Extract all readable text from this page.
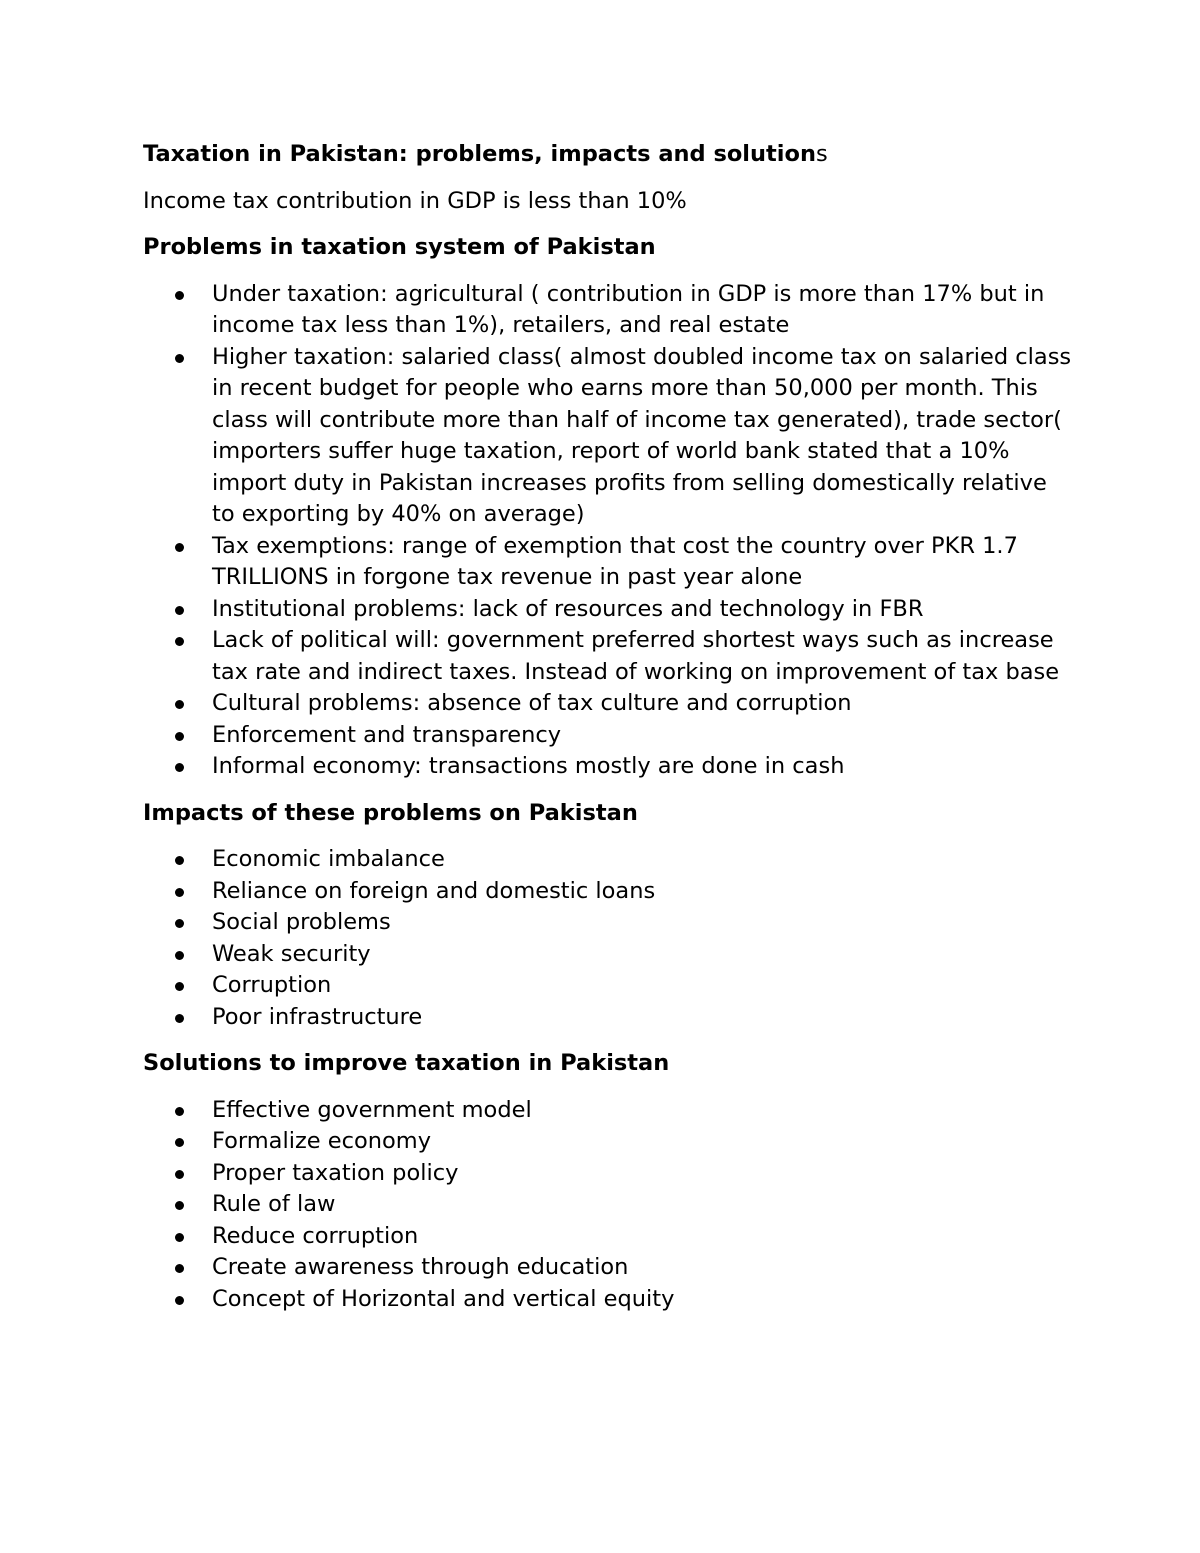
Taxation in Pakistan: problems, impacts and solutions
Income tax contribution in GDP is less than 10%
Problems in taxation system of Pakistan
Under taxation: agricultural ( contribution in GDP is more than 17% but in income tax less than 1%), retailers, and real estate
Higher taxation: salaried class( almost doubled income tax on salaried class in recent budget for people who earns more than 50,000 per month. This class will contribute more than half of income tax generated), trade sector( importers suffer huge taxation, report of world bank stated that a 10% import duty in Pakistan increases profits from selling domestically relative to exporting by 40% on average)
Tax exemptions: range of exemption that cost the country over PKR 1.7 TRILLIONS in forgone tax revenue in past year alone
Institutional problems: lack of resources and technology in FBR
Lack of political will: government preferred shortest ways such as increase tax rate and indirect taxes. Instead of working on improvement of tax base
Cultural problems: absence of tax culture and corruption
Enforcement and transparency
Informal economy: transactions mostly are done in cash
Impacts of these problems on Pakistan
Economic imbalance
Reliance on foreign and domestic loans
Social problems
Weak security
Corruption
Poor infrastructure
Solutions to improve taxation in Pakistan
Effective government model
Formalize economy
Proper taxation policy
Rule of law
Reduce corruption
Create awareness through education
Concept of Horizontal and vertical equity
